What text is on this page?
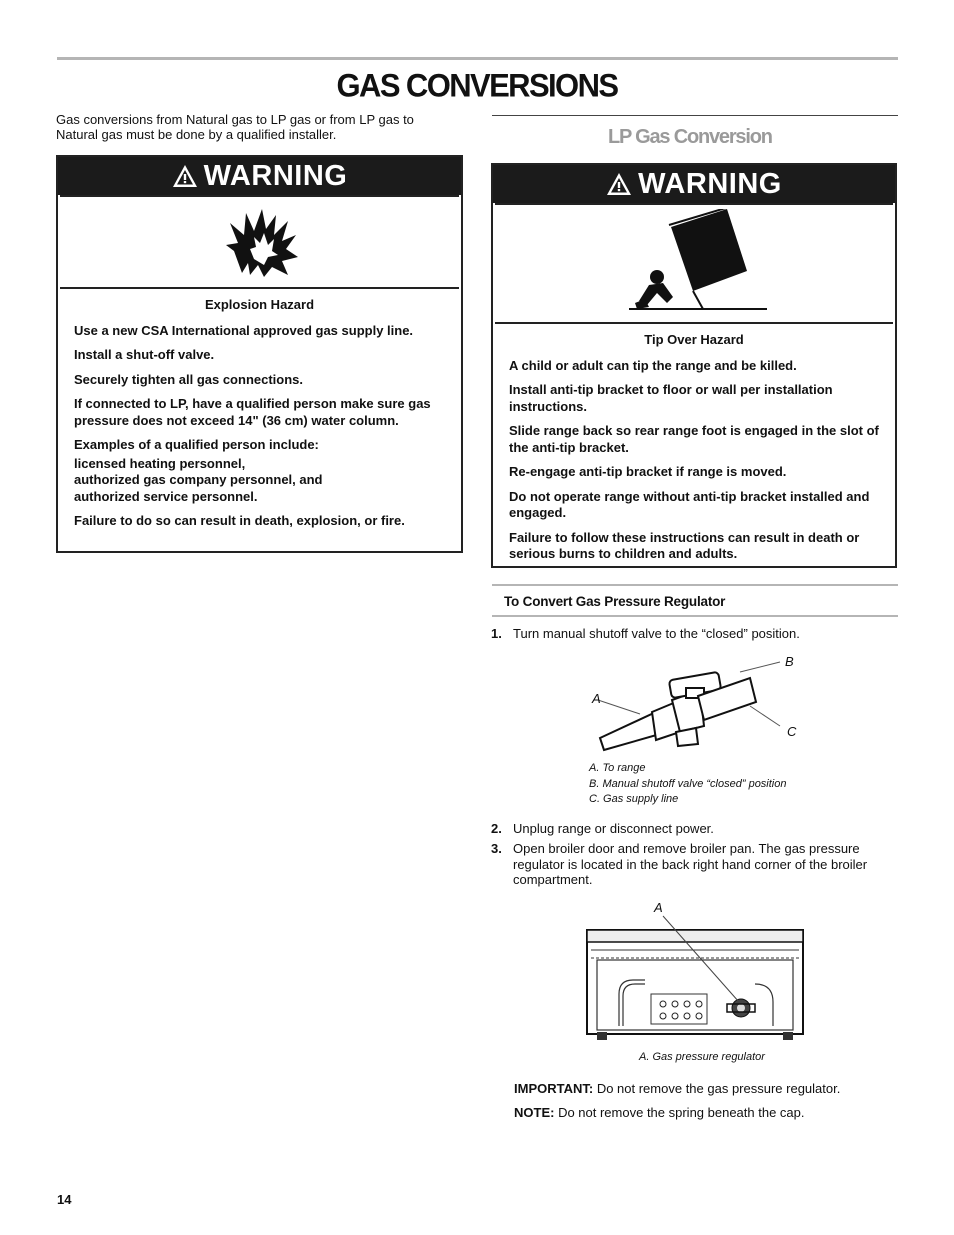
GAS CONVERSIONS
Gas conversions from Natural gas to LP gas or from LP gas to Natural gas must be done by a qualified installer.
WARNING

Explosion Hazard

Use a new CSA International approved gas supply line.

Install a shut-off valve.

Securely tighten all gas connections.

If connected to LP, have a qualified person make sure gas pressure does not exceed 14" (36 cm) water column.

Examples of a qualified person include:

licensed heating personnel,
authorized gas company personnel, and
authorized service personnel.

Failure to do so can result in death, explosion, or fire.

LP Gas Conversion
WARNING

Tip Over Hazard

A child or adult can tip the range and be killed.

Install anti-tip bracket to floor or wall per installation instructions.

Slide range back so rear range foot is engaged in the slot of the anti-tip bracket.

Re-engage anti-tip bracket if range is moved.

Do not operate range without anti-tip bracket installed and engaged.

Failure to follow these instructions can result in death or serious burns to children and adults.

To Convert Gas Pressure Regulator
1. Turn manual shutoff valve to the “closed” position.
A
B
C
A. To range
B. Manual shutoff valve “closed” position
C. Gas supply line
2. Unplug range or disconnect power.
3. Open broiler door and remove broiler pan. The gas pressure regulator is located in the back right hand corner of the broiler compartment.
A
A. Gas pressure regulator
IMPORTANT: Do not remove the gas pressure regulator.
NOTE: Do not remove the spring beneath the cap.
14
